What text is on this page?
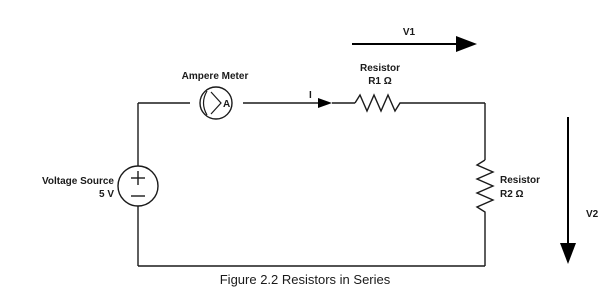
Voltage Source
5 V
A
Ampere Meter
I
Resistor
R1 Ω
Resistor
R2 Ω
V1
V2
Figure 2.2 Resistors in Series
